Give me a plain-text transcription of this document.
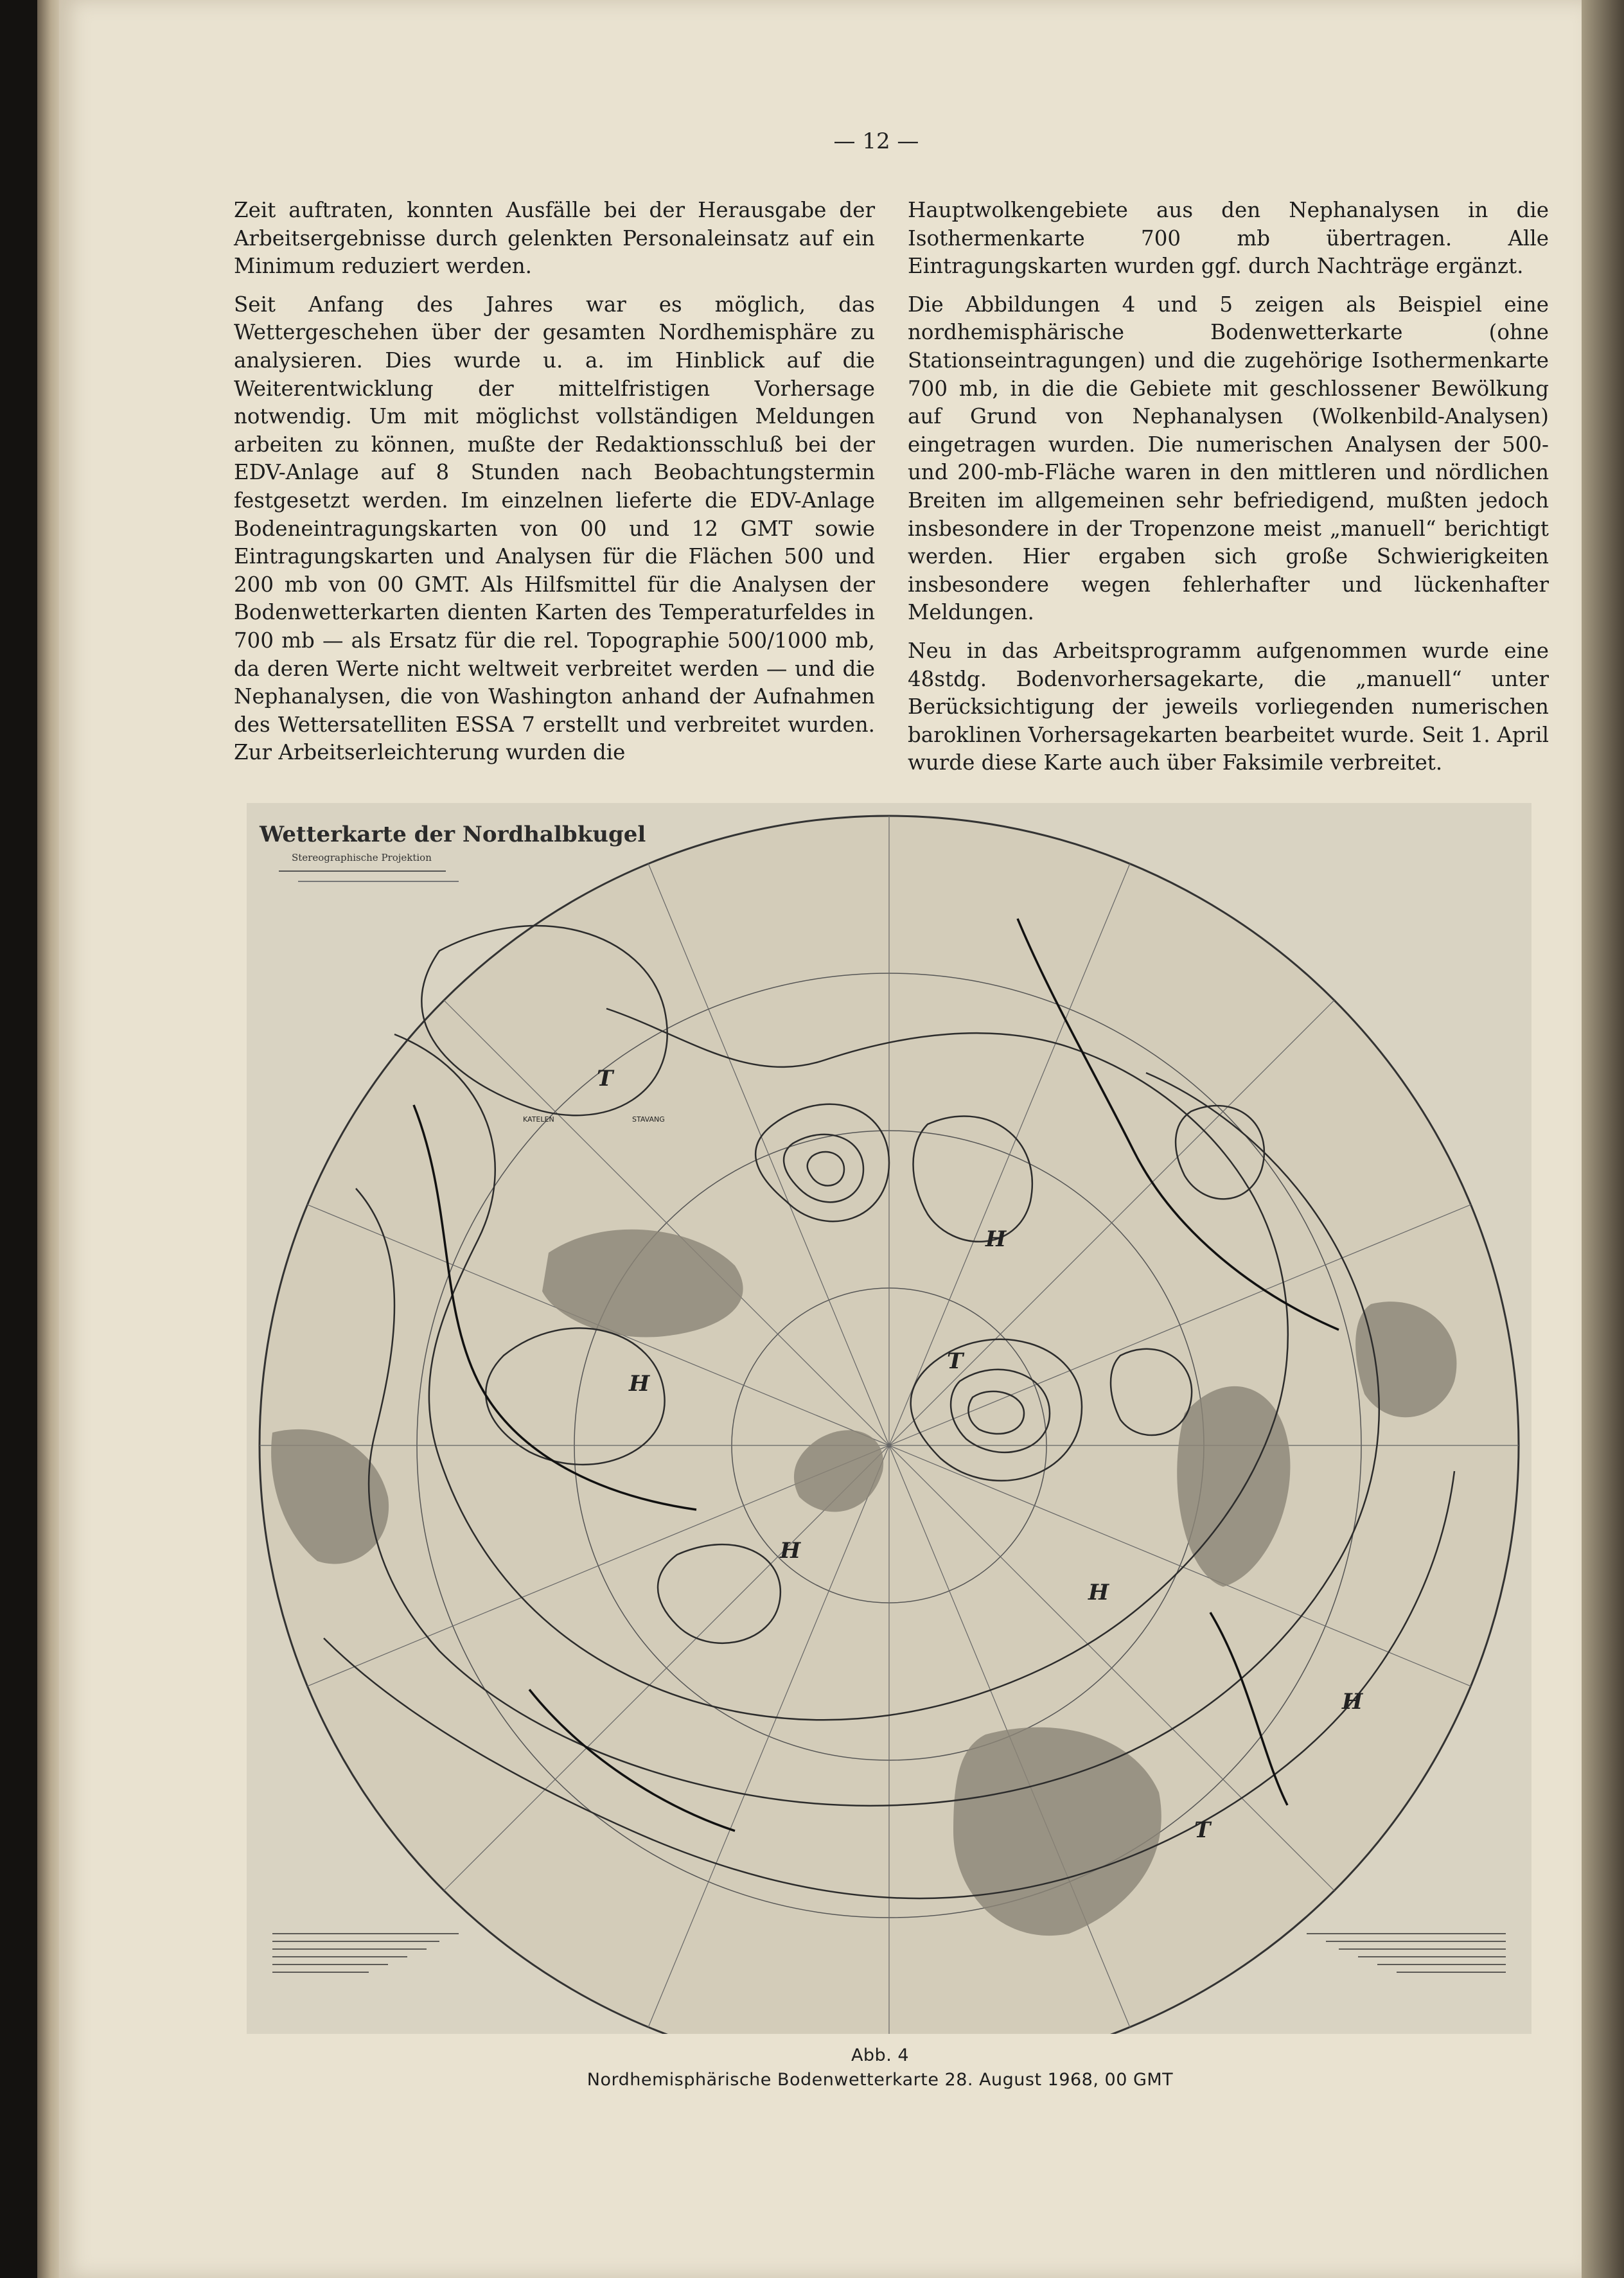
— 12 —

Zeit auftraten, konnten Ausfälle bei der Herausgabe der Arbeitsergebnisse durch gelenkten Personaleinsatz auf ein Minimum reduziert werden.

Seit Anfang des Jahres war es möglich, das Wettergeschehen über der gesamten Nordhemisphäre zu analysieren. Dies wurde u. a. im Hinblick auf die Weiterentwicklung der mittelfristigen Vorhersage notwendig. Um mit möglichst vollständigen Meldungen arbeiten zu können, mußte der Redaktionsschluß bei der EDV-Anlage auf 8 Stunden nach Beobachtungstermin festgesetzt werden. Im einzelnen lieferte die EDV-Anlage Bodeneintragungskarten von 00 und 12 GMT sowie Eintragungskarten und Analysen für die Flächen 500 und 200 mb von 00 GMT. Als Hilfsmittel für die Analysen der Bodenwetterkarten dienten Karten des Temperaturfeldes in 700 mb — als Ersatz für die rel. Topographie 500/1000 mb, da deren Werte nicht weltweit verbreitet werden — und die Nephanalysen, die von Washington anhand der Aufnahmen des Wettersatelliten ESSA 7 erstellt und verbreitet wurden. Zur Arbeitserleichterung wurden die

Hauptwolkengebiete aus den Nephanalysen in die Isothermenkarte 700 mb übertragen. Alle Eintragungskarten wurden ggf. durch Nachträge ergänzt.

Die Abbildungen 4 und 5 zeigen als Beispiel eine nordhemisphärische Bodenwetterkarte (ohne Stationseintragungen) und die zugehörige Isothermenkarte 700 mb, in die die Gebiete mit geschlossener Bewölkung auf Grund von Nephanalysen (Wolkenbild-Analysen) eingetragen wurden. Die numerischen Analysen der 500- und 200-mb-Fläche waren in den mittleren und nördlichen Breiten im allgemeinen sehr befriedigend, mußten jedoch insbesondere in der Tropenzone meist „manuell“ berichtigt werden. Hier ergaben sich große Schwierigkeiten insbesondere wegen fehlerhafter und lückenhafter Meldungen.

Neu in das Arbeitsprogramm aufgenommen wurde eine 48stdg. Bodenvorhersagekarte, die „manuell“ unter Berücksichtigung der jeweils vorliegenden numerischen baroklinen Vorhersagekarten bearbeitet wurde. Seit 1. April wurde diese Karte auch über Faksimile verbreitet.

Wetterkarte der Nordhalbkugel
Stereographische Projektion
H
H
H
H
T
T
T
H
KATELEN	STAVANG
Abb. 4
Nordhemisphärische Bodenwetterkarte 28. August 1968, 00 GMT
